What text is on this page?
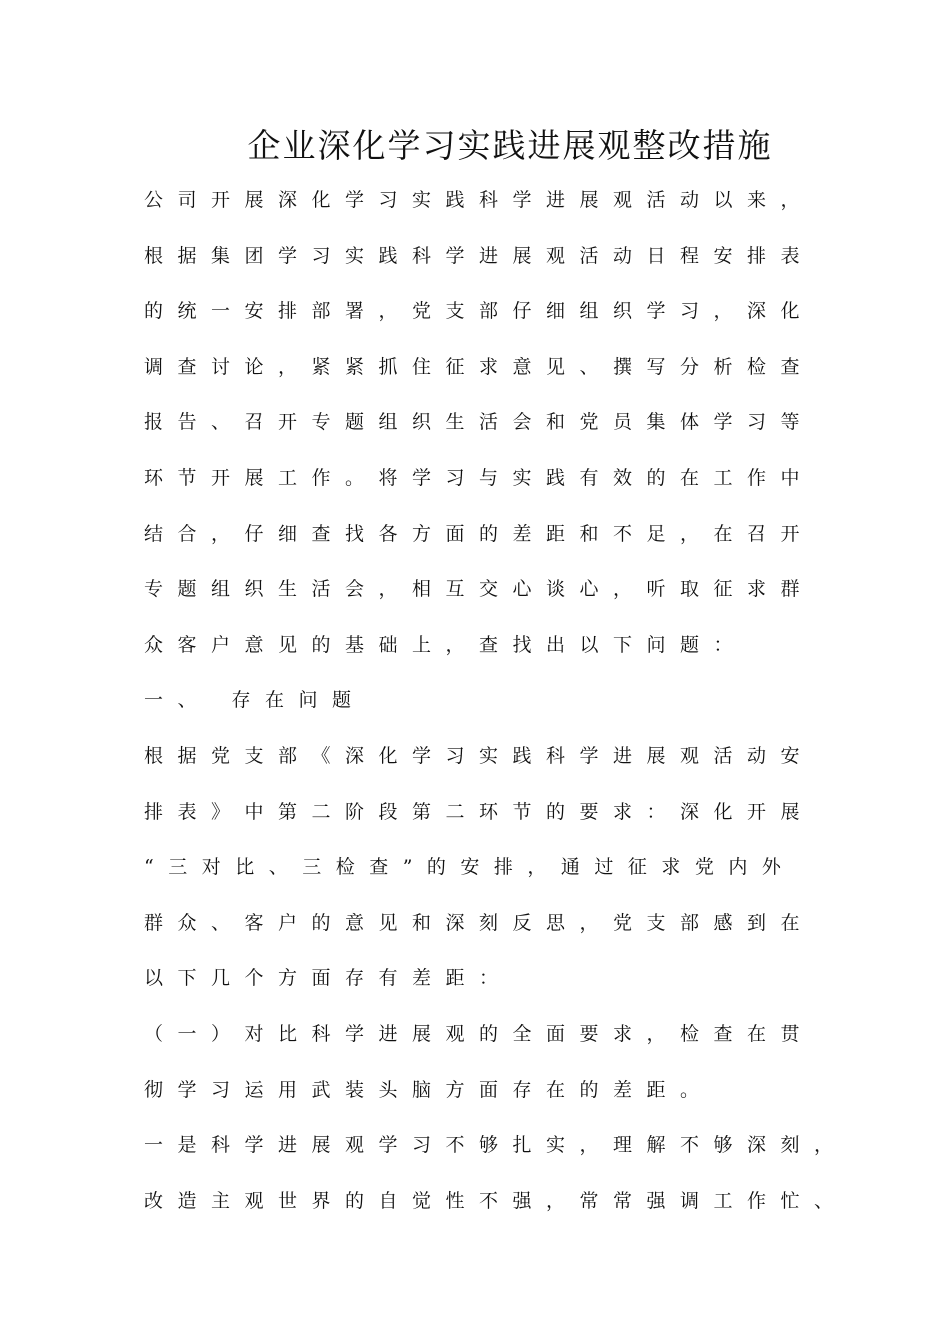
企业深化学习实践进展观整改措施
公司开展深化学习实践科学进展观活动以来，
根据集团学习实践科学进展观活动日程安排表
的统一安排部署，党支部仔细组织学习，深化
调查讨论，紧紧抓住征求意见、撰写分析检查
报告、召开专题组织生活会和党员集体学习等
环节开展工作。将学习与实践有效的在工作中
结合，仔细查找各方面的差距和不足，在召开
专题组织生活会，相互交心谈心，听取征求群
众客户意见的基础上，查找出以下问题：
一、 存在问题
根据党支部《深化学习实践科学进展观活动安
排表》中第二阶段第二环节的要求：深化开展
“三对比、三检查”的安排，通过征求党内外
群众、客户的意见和深刻反思，党支部感到在
以下几个方面存有差距：
（一）对比科学进展观的全面要求，检查在贯
彻学习运用武装头脑方面存在的差距。
一是科学进展观学习不够扎实，理解不够深刻，
改造主观世界的自觉性不强，常常强调工作忙、
